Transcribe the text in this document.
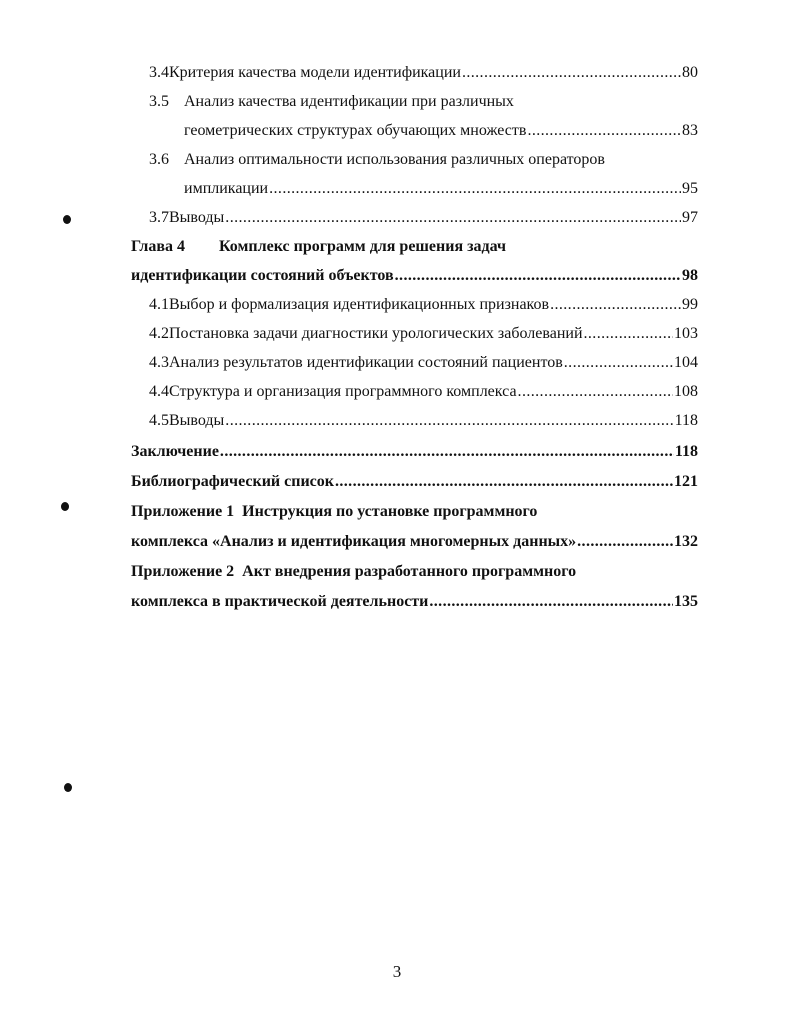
3.4 Критерия качества модели идентификации .....	80
3.5 Анализ качества идентификации при различных
геометрических структурах обучающих множеств .....	83
3.6 Анализ оптимальности использования различных операторов
импликации .....	95
3.7 Выводы .....	97
Глава 4	Комплекс программ для решения задач
идентификации состояний объектов .....	98
4.1 Выбор и формализация идентификационных признаков .....	99
4.2 Постановка задачи диагностики урологических заболеваний .....	103
4.3 Анализ результатов идентификации состояний пациентов .....	104
4.4 Структура и организация программного комплекса .....	108
4.5 Выводы .....	118
Заключение .....	118
Библиографический список .....	121
Приложение 1 Инструкция по установке программного
комплекса «Анализ и идентификация многомерных данных» .....	132
Приложение 2 Акт внедрения разработанного программного
комплекса в практической деятельности .....	135
3
